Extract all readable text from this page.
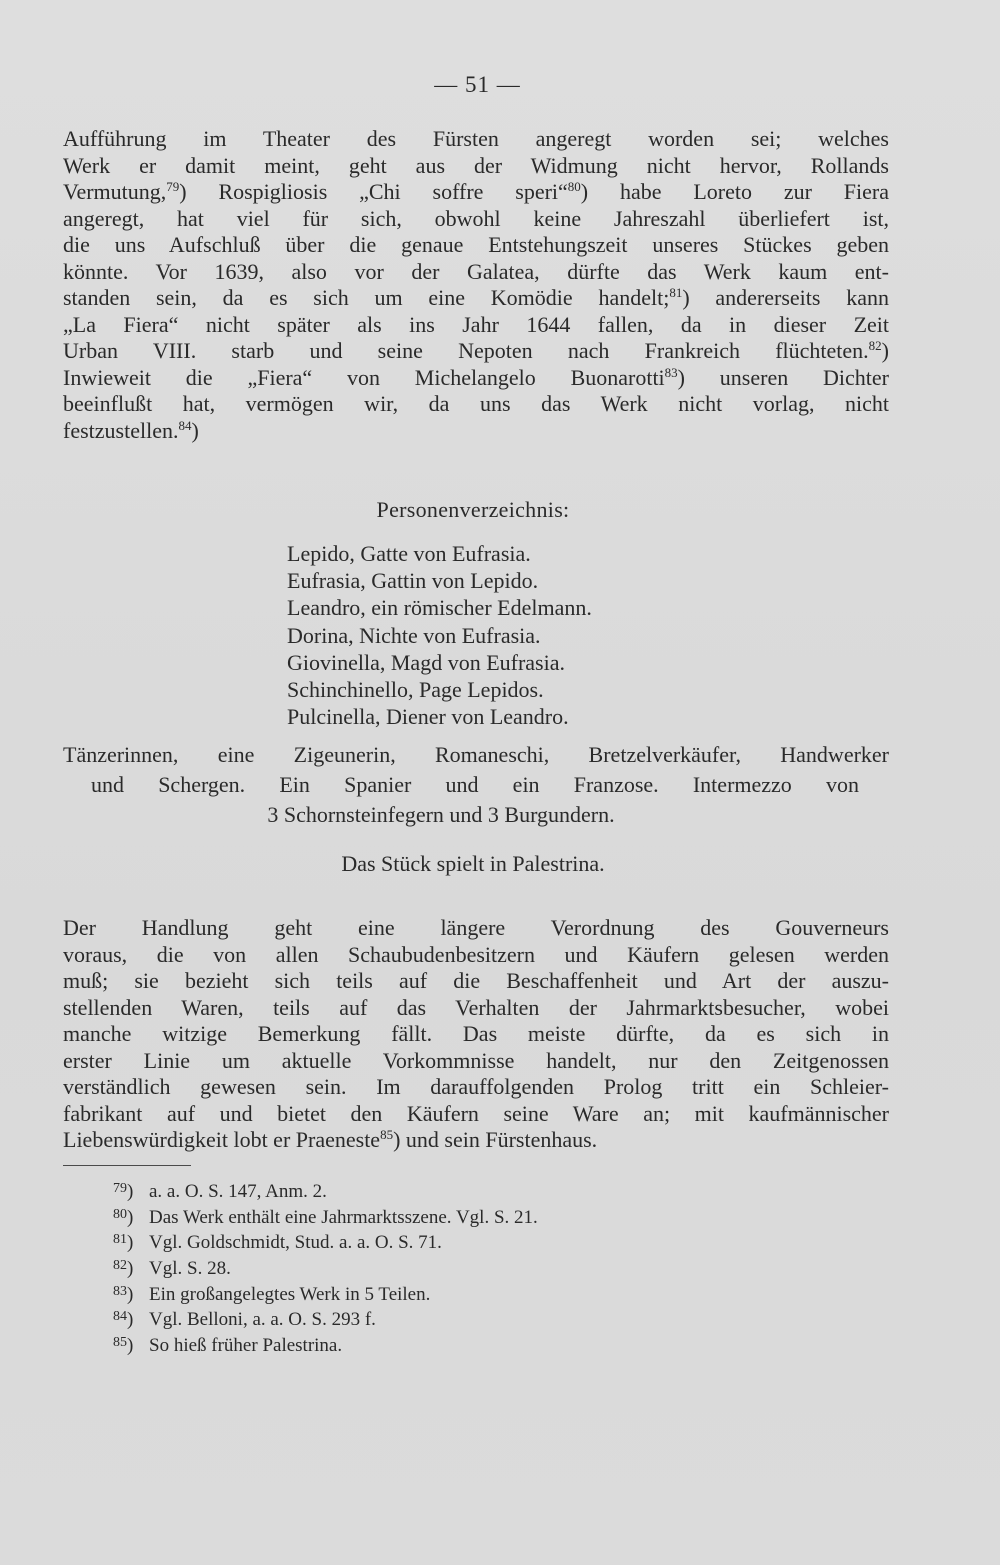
— 51 —
Aufführung im Theater des Fürsten angeregt worden sei; welches
Werk er damit meint, geht aus der Widmung nicht hervor, Rollands
Vermutung,$^{79}$) Rospigliosis „Chi soffre speri“$^{80}$) habe Loreto zur Fiera
angeregt, hat viel für sich, obwohl keine Jahreszahl überliefert ist,
die uns Aufschluß über die genaue Entstehungszeit unseres Stückes geben
könnte. Vor 1639, also vor der Galatea, dürfte das Werk kaum ent-
standen sein, da es sich um eine Komödie handelt;$^{81}$) andererseits kann
„La Fiera“ nicht später als ins Jahr 1644 fallen, da in dieser Zeit
Urban VIII. starb und seine Nepoten nach Frankreich flüchteten.$^{82}$)
Inwieweit die „Fiera“ von Michelangelo Buonarotti$^{83}$) unseren Dichter
beeinflußt hat, vermögen wir, da uns das Werk nicht vorlag, nicht
festzustellen.$^{84}$)
Personenverzeichnis:
Lepido, Gatte von Eufrasia.
Eufrasia, Gattin von Lepido.
Leandro, ein römischer Edelmann.
Dorina, Nichte von Eufrasia.
Giovinella, Magd von Eufrasia.
Schinchinello, Page Lepidos.
Pulcinella, Diener von Leandro.
Tänzerinnen, eine Zigeunerin, Romaneschi, Bretzelverkäufer, Handwerker
und Schergen. Ein Spanier und ein Franzose. Intermezzo von
3 Schornsteinfegern und 3 Burgundern.
Das Stück spielt in Palestrina.
Der Handlung geht eine längere Verordnung des Gouverneurs
voraus, die von allen Schaubudenbesitzern und Käufern gelesen werden
muß; sie bezieht sich teils auf die Beschaffenheit und Art der auszu-
stellenden Waren, teils auf das Verhalten der Jahrmarktsbesucher, wobei
manche witzige Bemerkung fällt. Das meiste dürfte, da es sich in
erster Linie um aktuelle Vorkommnisse handelt, nur den Zeitgenossen
verständlich gewesen sein. Im darauffolgenden Prolog tritt ein Schleier-
fabrikant auf und bietet den Käufern seine Ware an; mit kaufmännischer
Liebenswürdigkeit lobt er Praeneste$^{85}$) und sein Fürstenhaus.
79) a. a. O. S. 147, Anm. 2.
80) Das Werk enthält eine Jahrmarktsszene. Vgl. S. 21.
81) Vgl. Goldschmidt, Stud. a. a. O. S. 71.
82) Vgl. S. 28.
83) Ein großangelegtes Werk in 5 Teilen.
84) Vgl. Belloni, a. a. O. S. 293 f.
85) So hieß früher Palestrina.
